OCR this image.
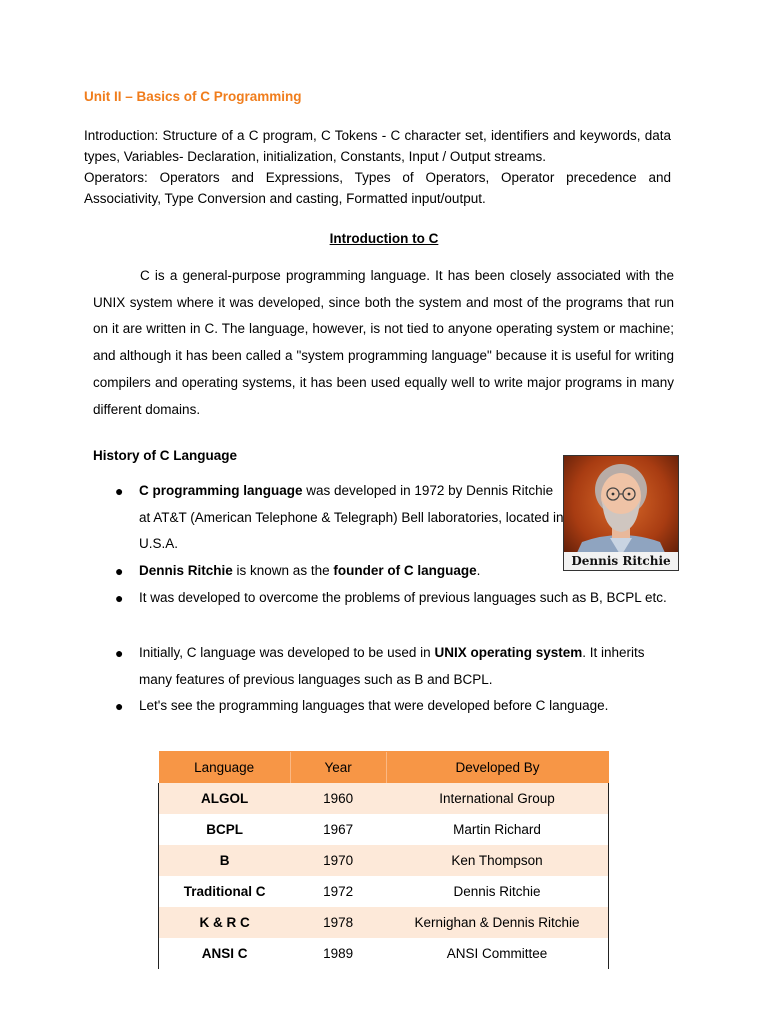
Unit II – Basics of C Programming

Introduction: Structure of a C program, C Tokens - C character set, identifiers and keywords, data types, Variables- Declaration, initialization, Constants, Input / Output streams.

Operators: Operators and Expressions, Types of Operators, Operator precedence and Associativity, Type Conversion and casting, Formatted input/output.

Introduction to C

C is a general-purpose programming language. It has been closely associated with the UNIX system where it was developed, since both the system and most of the programs that run on it are written in C. The language, however, is not tied to anyone operating system or machine; and although it has been called a "system programming language" because it is useful for writing compilers and operating systems, it has been used equally well to write major programs in many different domains.

History of C Language
Dennis Ritchie
● C programming language was developed in 1972 by Dennis Ritchie at AT&T (American Telephone & Telegraph) Bell laboratories, located in U.S.A.
● Dennis Ritchie is known as the founder of C language.
● It was developed to overcome the problems of previous languages such as B, BCPL etc.
● Initially, C language was developed to be used in UNIX operating system. It inherits many features of previous languages such as B and BCPL.
● Let's see the programming languages that were developed before C language.
Language	Year	Developed By
ALGOL	1960	International Group
BCPL	1967	Martin Richard
B	1970	Ken Thompson
Traditional C	1972	Dennis Ritchie
K & R C	1978	Kernighan & Dennis Ritchie
ANSI C	1989	ANSI Committee
